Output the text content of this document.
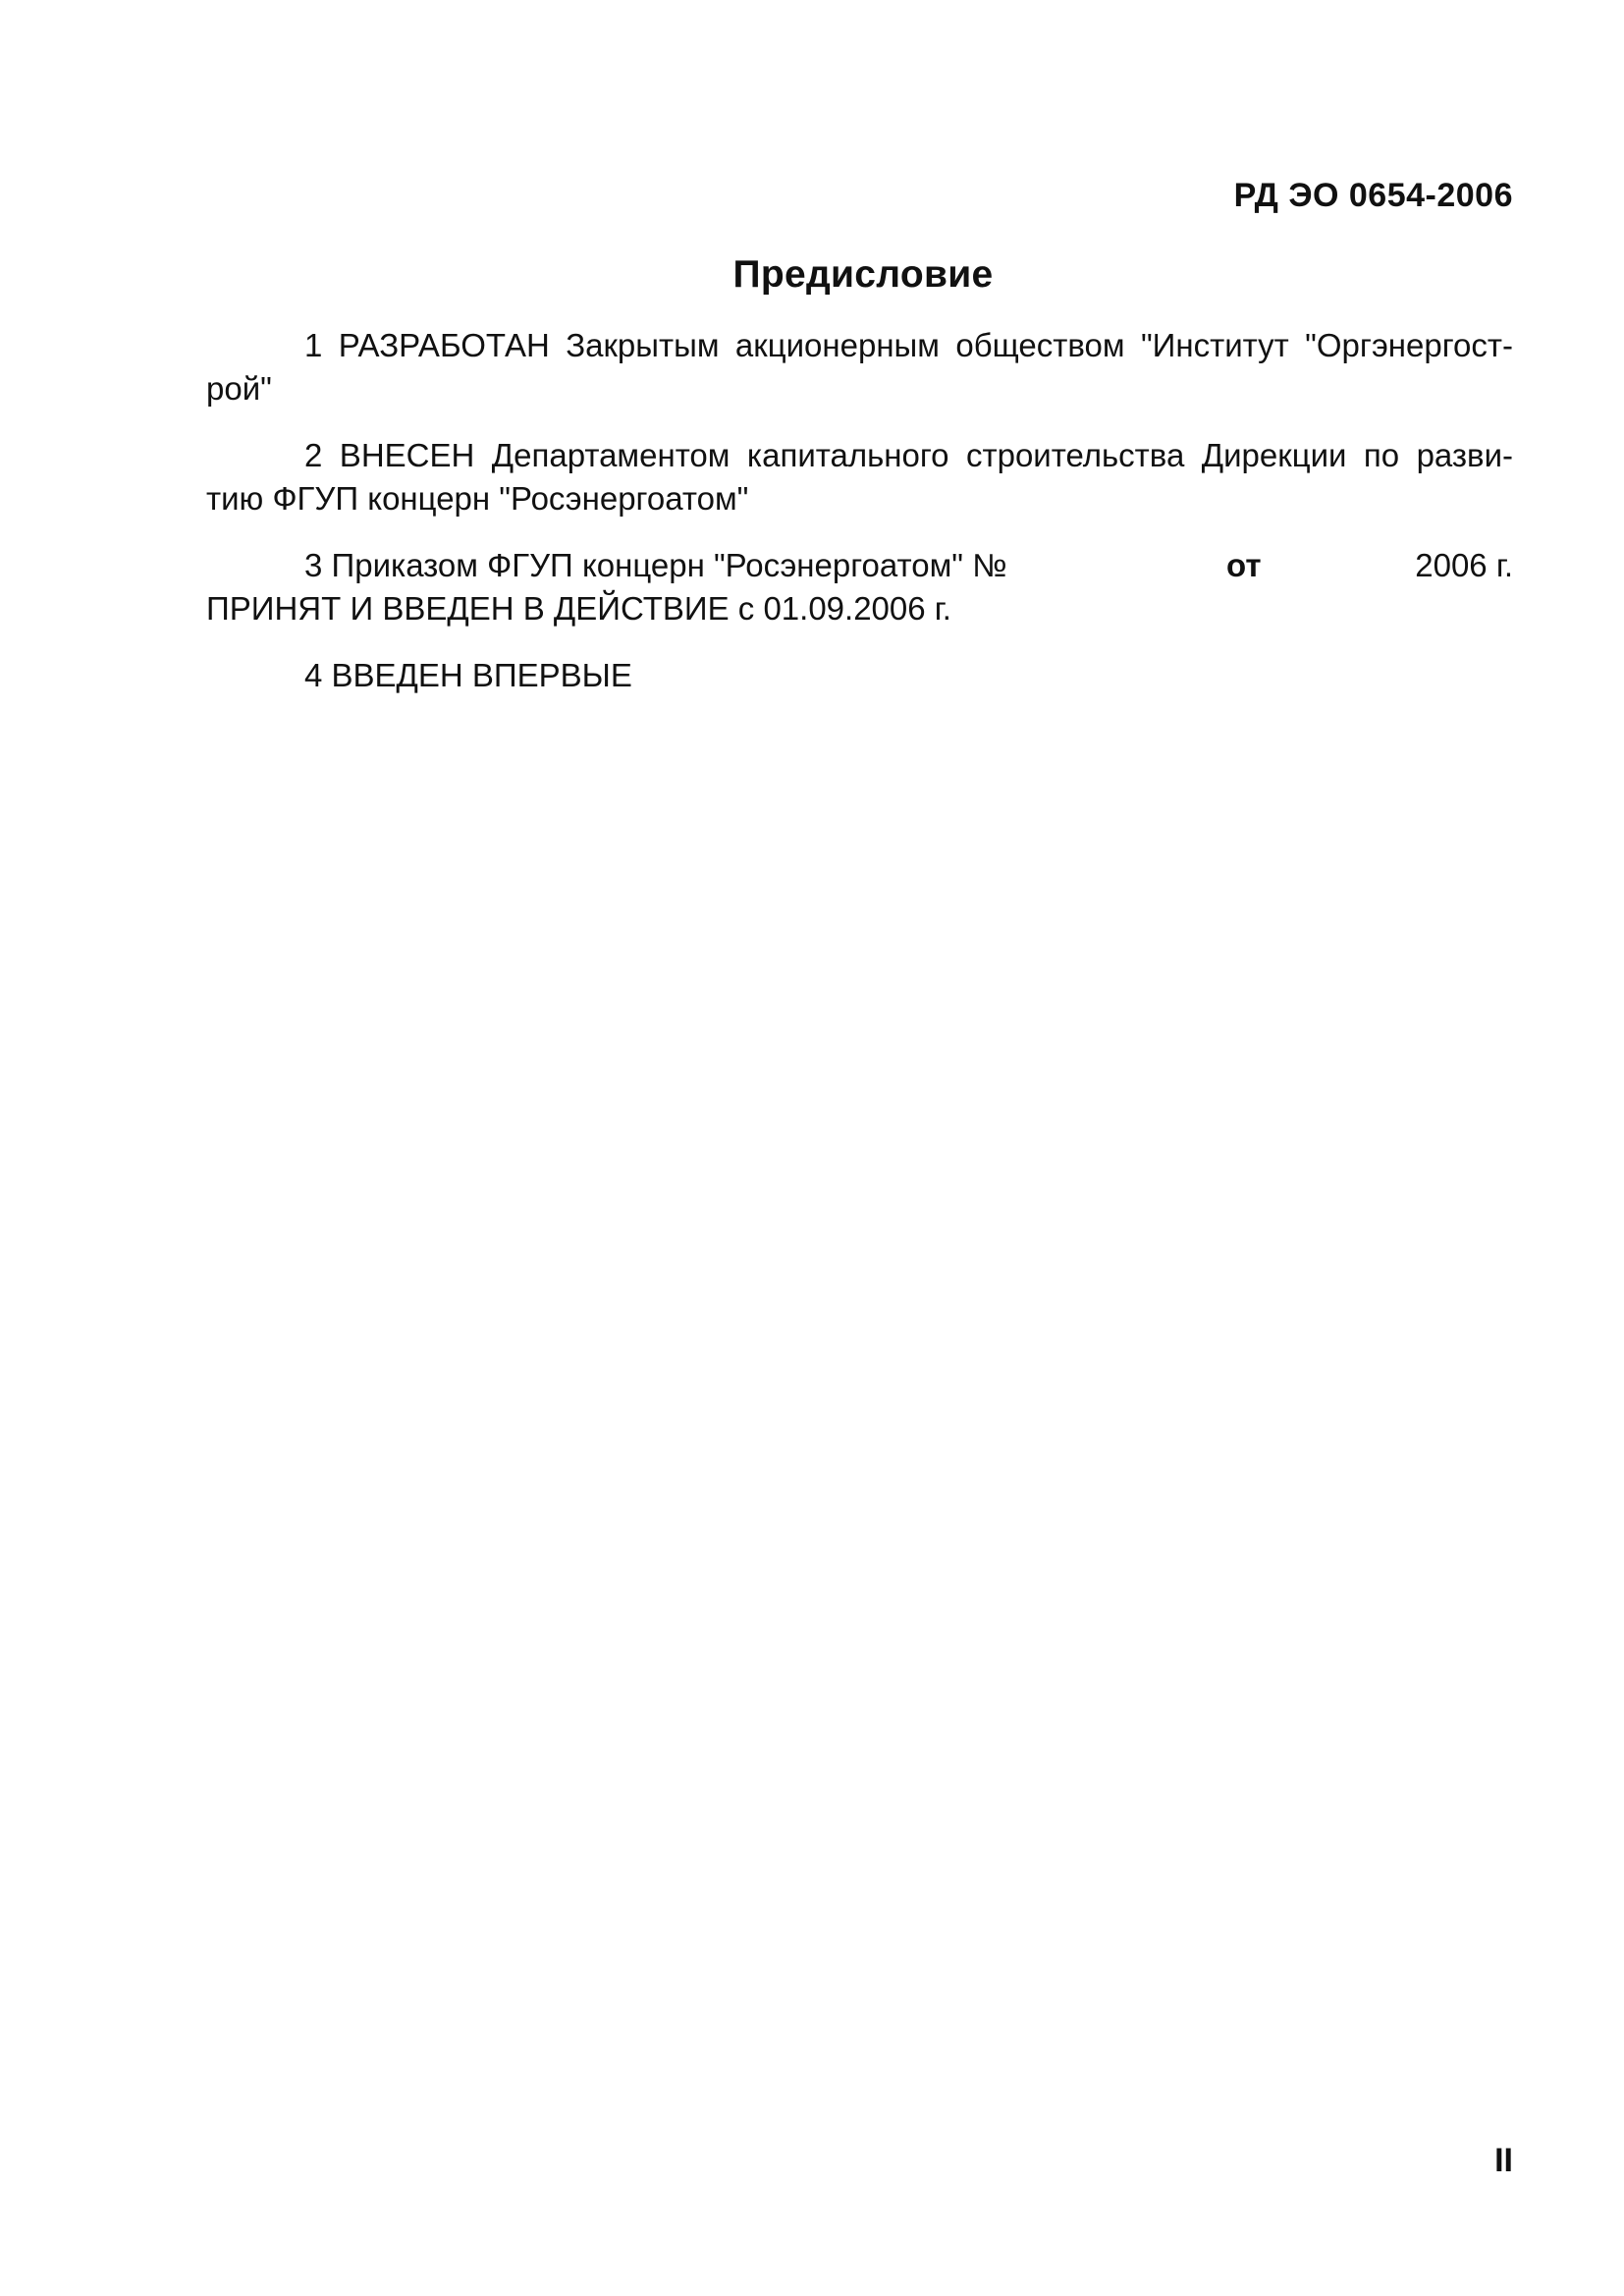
РД ЭО 0654-2006
Предисловие
1 РАЗРАБОТАН Закрытым акционерным обществом "Институт "Оргэнергост-
рой"
2 ВНЕСЕН Департаментом капитального строительства Дирекции по разви-
тию ФГУП концерн "Росэнергоатом"
3 Приказом ФГУП концерн "Росэнергоатом" №	от	2006 г.
ПРИНЯТ И ВВЕДЕН В ДЕЙСТВИЕ с 01.09.2006 г.
4 ВВЕДЕН ВПЕРВЫЕ
II
